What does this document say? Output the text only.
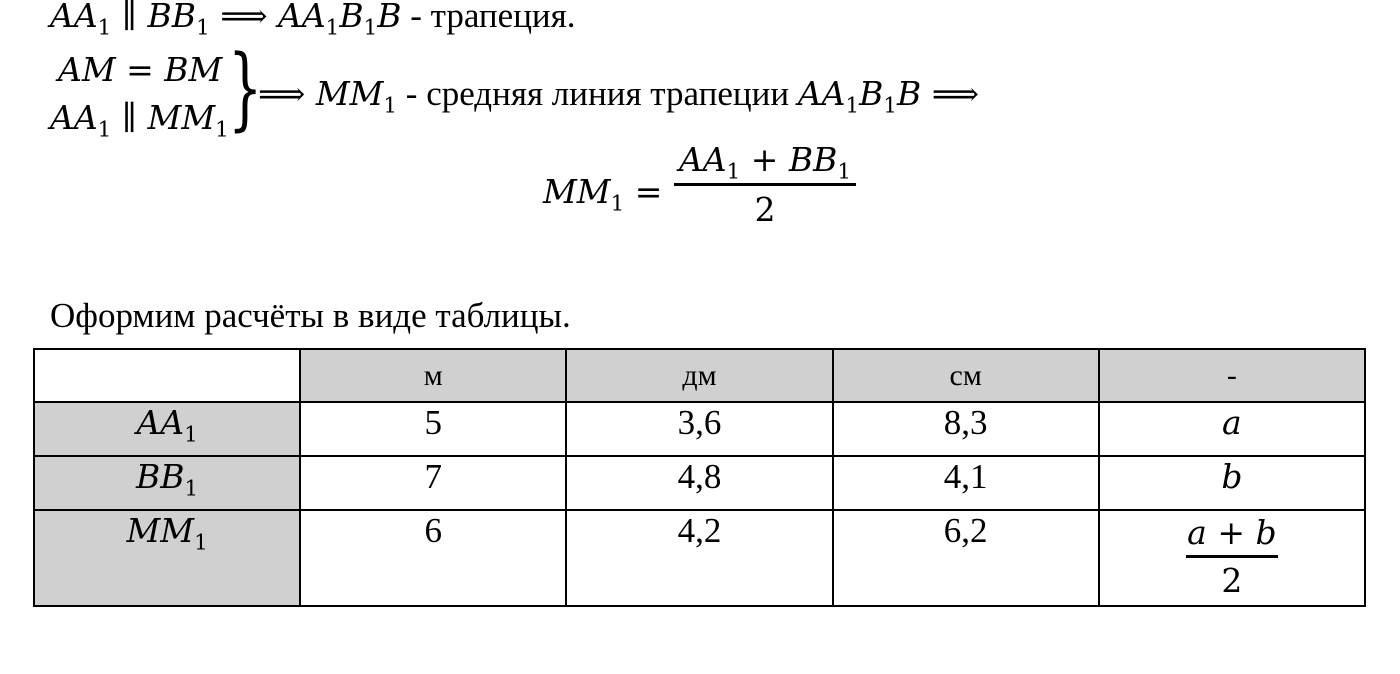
$AA_1$ ∥ $BB_1$ ⟹ $AA_1B_1B$ - трапеция.
AM = BM
$AA_1$ ∥ $MM_1$ }
⟹ $MM_1$ - средняя линия трапеции $AA_1B_1B$ ⟹
$MM_1$ =
$AA_1 + BB_1$
2
Оформим расчёты в виде таблицы.
	м	дм	см	-
$AA_1$	5	3,6	8,3	a
$BB_1$	7	4,8	4,1	b
$MM_1$	6	4,2	6,2	$\frac{a + b}{2}$
